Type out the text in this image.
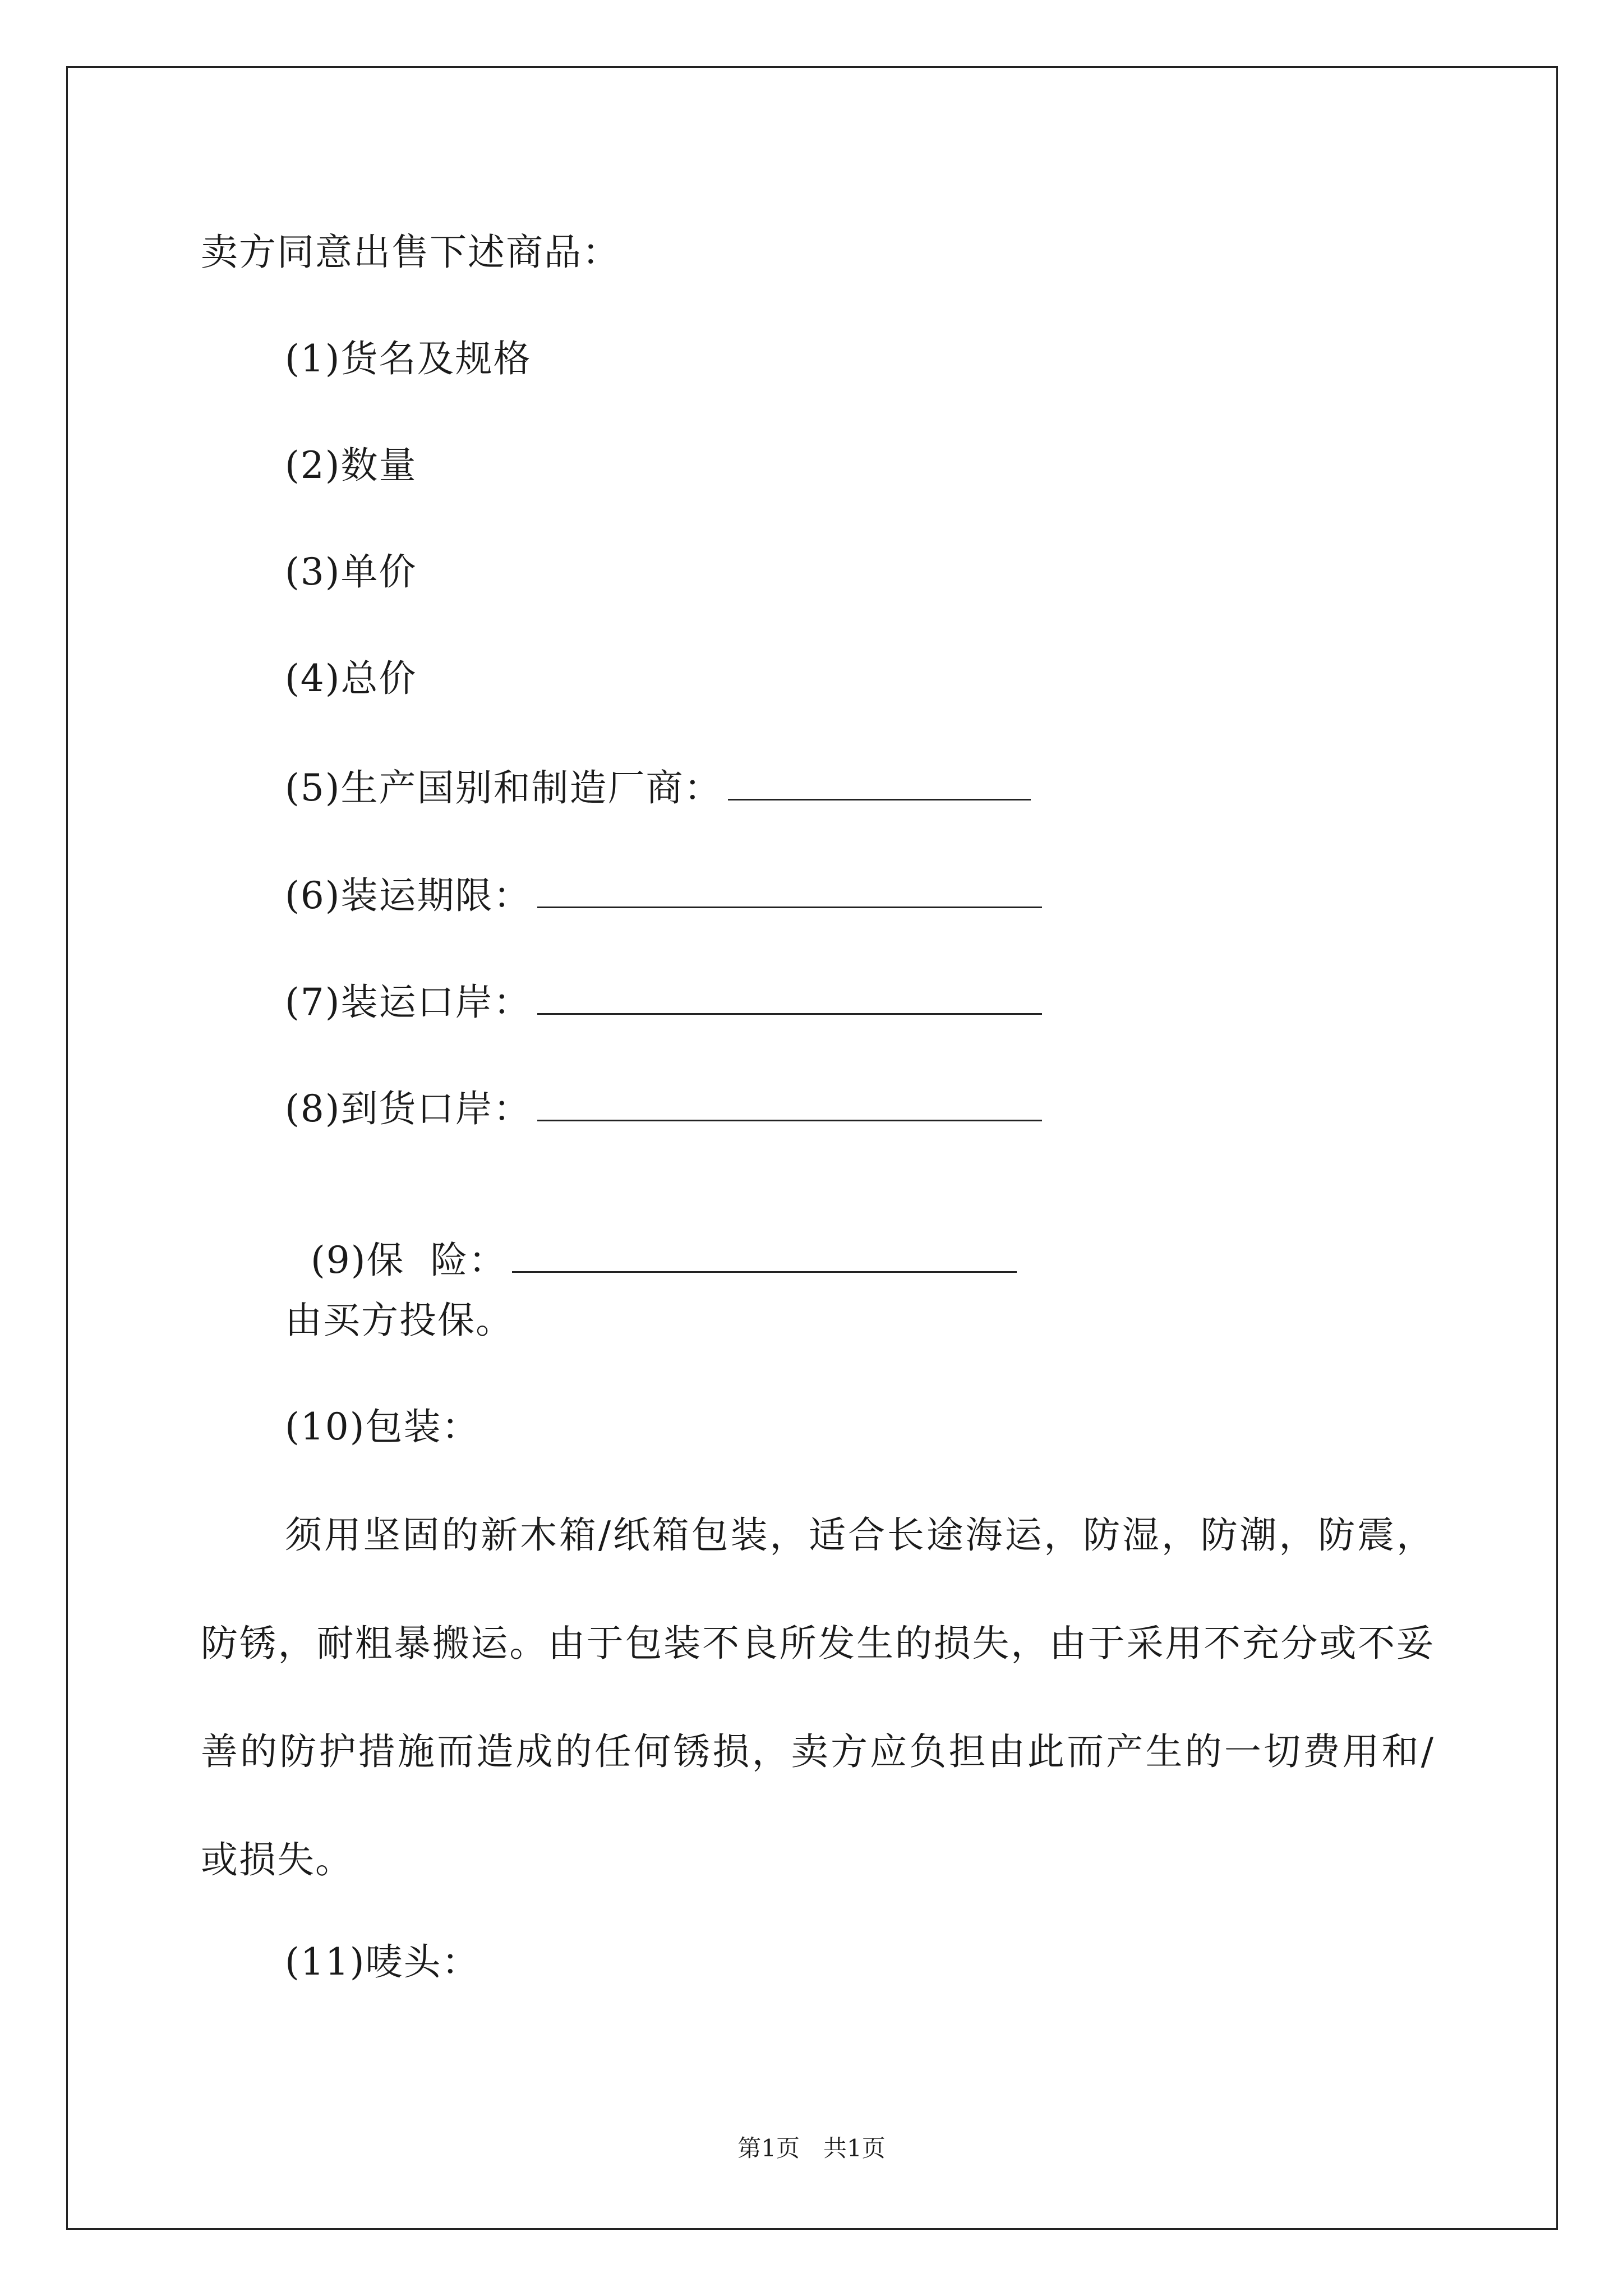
卖方同意出售下述商品：
(1)货名及规格
(2)数量
(3)单价
(4)总价
(5)生产国别和制造厂商：
(6)装运期限：
(7)装运口岸：
(8)到货口岸：

(9)保  险：

由买方投保。
(10)包装：
须用坚固的新木箱/纸箱包装，适合长途海运，防湿，防潮，防震，防锈，耐粗暴搬运。由于包装不良所发生的损失，由于采用不充分或不妥善的防护措施而造成的任何锈损，卖方应负担由此而产生的一切费用和/或损失。
(11)唛头：
第1页　共1页
